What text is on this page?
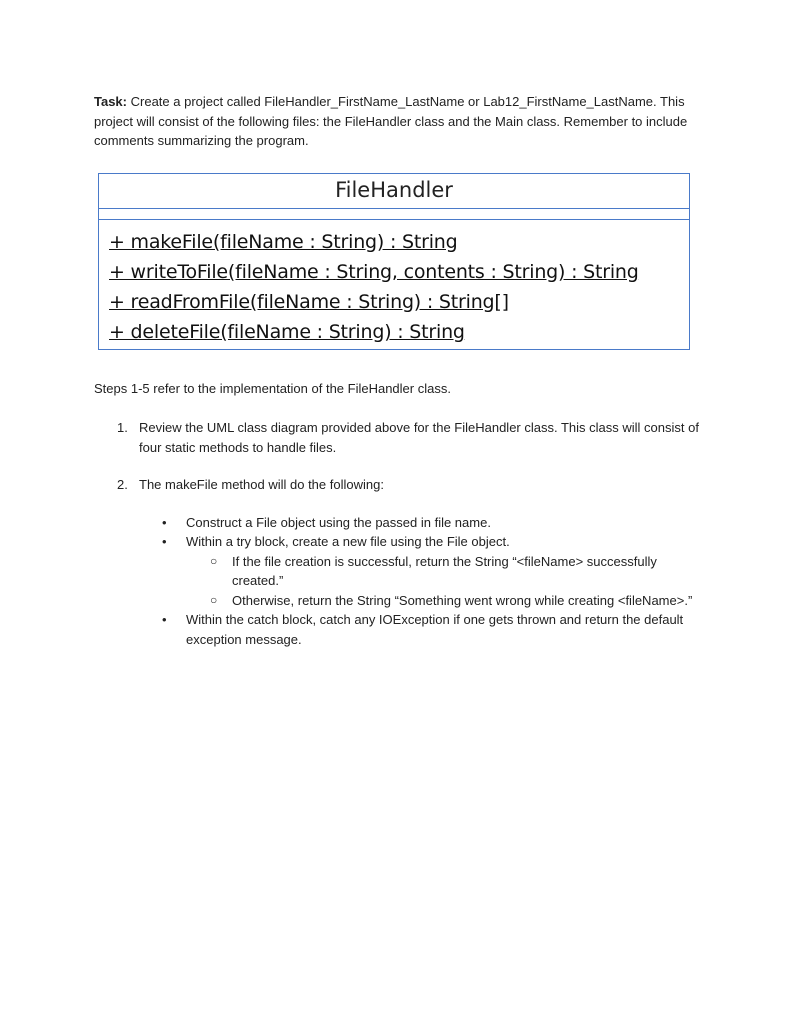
Task: Create a project called FileHandler_FirstName_LastName or Lab12_FirstName_LastName. This project will consist of the following files: the FileHandler class and the Main class. Remember to include comments summarizing the program.

FileHandler
+ makeFile(fileName : String) : String
+ writeToFile(fileName : String, contents : String) : String
+ readFromFile(fileName : String) : String[]
+ deleteFile(fileName : String) : String

Steps 1-5 refer to the implementation of the FileHandler class.

1. Review the UML class diagram provided above for the FileHandler class. This class will consist of four static methods to handle files.
2. The makeFile method will do the following:
• Construct a File object using the passed in file name.
• Within a try block, create a new file using the File object.
○ If the file creation is successful, return the String “<fileName> successfully created.”
○ Otherwise, return the String “Something went wrong while creating <fileName>.”
• Within the catch block, catch any IOException if one gets thrown and return the default exception message.
